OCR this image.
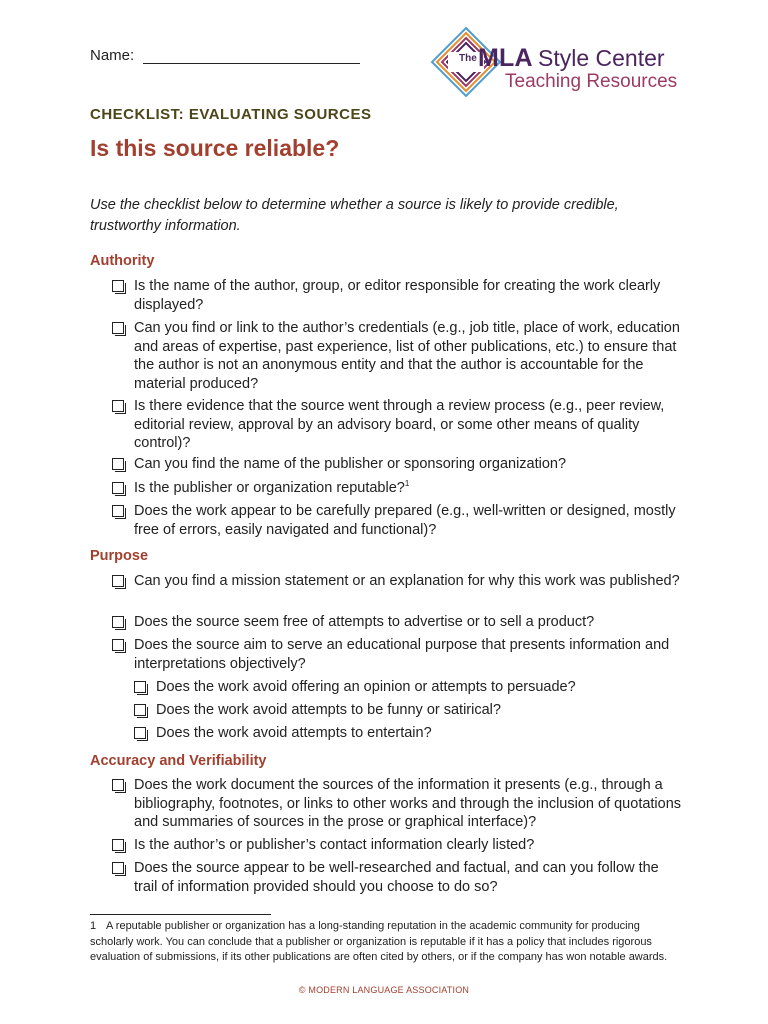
Name:	The MLA Style Center
Teaching Resources
CHECKLIST: EVALUATING SOURCES
Is this source reliable?

Use the checklist below to determine whether a source is likely to provide credible, trustworthy information.

Authority
Is the name of the author, group, or editor responsible for creating the work clearly displayed?
Can you find or link to the author’s credentials (e.g., job title, place of work, education and areas of expertise, past experience, list of other publications, etc.) to ensure that the author is not an anonymous entity and that the author is accountable for the material produced?
Is there evidence that the source went through a review process (e.g., peer review, editorial review, approval by an advisory board, or some other means of quality control)?
Can you find the name of the publisher or sponsoring organization?
Is the publisher or organization reputable?$^1$
Does the work appear to be carefully prepared (e.g., well-written or designed, mostly free of errors, easily navigated and functional)?
Purpose
Can you find a mission statement or an explanation for why this work was published?
Does the source seem free of attempts to advertise or to sell a product?
Does the source aim to serve an educational purpose that presents information and interpretations objectively?
Does the work avoid offering an opinion or attempts to persuade?
Does the work avoid attempts to be funny or satirical?
Does the work avoid attempts to entertain?
Accuracy and Verifiability
Does the work document the sources of the information it presents (e.g., through a bibliography, footnotes, or links to other works and through the inclusion of quotations and summaries of sources in the prose or graphical interface)?
Is the author’s or publisher’s contact information clearly listed?
Does the source appear to be well-researched and factual, and can you follow the trail of information provided should you choose to do so?

1 A reputable publisher or organization has a long-standing reputation in the academic community for producing scholarly work. You can conclude that a publisher or organization is reputable if it has a policy that includes rigorous evaluation of submissions, if its other publications are often cited by others, or if the company has won notable awards.

© MODERN LANGUAGE ASSOCIATION
